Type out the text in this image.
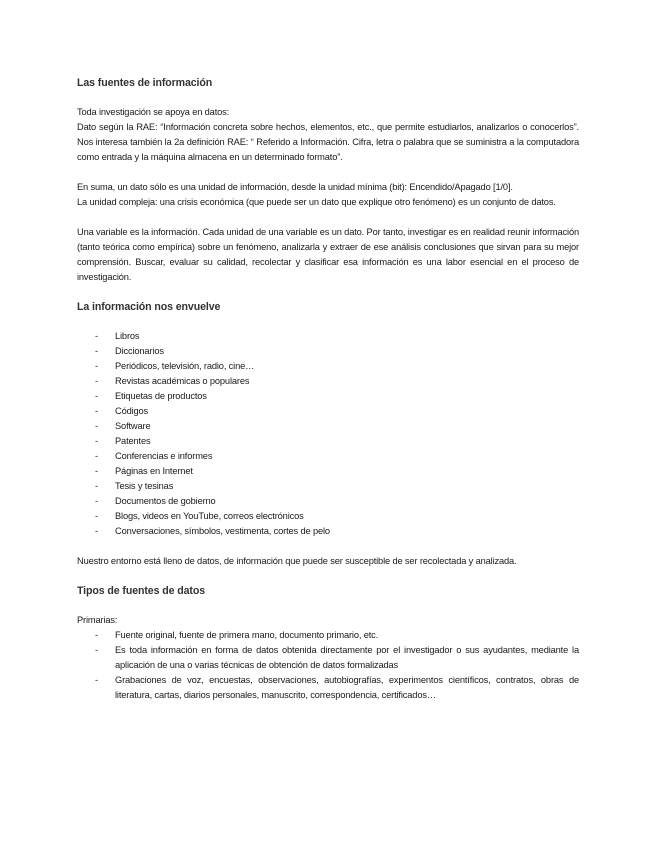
Las fuentes de información

Toda investigación se apoya en datos:

Dato según la RAE: “Información concreta sobre hechos, elementos, etc., que permite estudiarlos, analizarlos o conocerlos”. Nos interesa también la 2a definición RAE: “ Referido a Información. Cifra, letra o palabra que se suministra a la computadora como entrada y la máquina almacena en un determinado formato”.

En suma, un dato sólo es una unidad de información, desde la unidad mínima (bit): Encendido/Apagado [1/0].

La unidad compleja: una crisis económica (que puede ser un dato que explique otro fenómeno) es un conjunto de datos.

Una variable es la información. Cada unidad de una variable es un dato. Por tanto, investigar es en realidad reunir información (tanto teórica como empírica) sobre un fenómeno, analizarla y extraer de ese análisis conclusiones que sirvan para su mejor comprensión. Buscar, evaluar su calidad, recolectar y clasificar esa información es una labor esencial en el proceso de investigación.

La información nos envuelve
- Libros
- Diccionarios
- Periódicos, televisión, radio, cine…
- Revistas académicas o populares
- Etiquetas de productos
- Códigos
- Software
- Patentes
- Conferencias e informes
- Páginas en Internet
- Tesis y tesinas
- Documentos de gobierno
- Blogs, videos en YouTube, correos electrónicos
- Conversaciones, símbolos, vestimenta, cortes de pelo

Nuestro entorno está lleno de datos, de información que puede ser susceptible de ser recolectada y analizada.

Tipos de fuentes de datos

Primarias:

- Fuente original, fuente de primera mano, documento primario, etc.
- Es toda información en forma de datos obtenida directamente por el investigador o sus ayudantes, mediante la aplicación de una o varias técnicas de obtención de datos formalizadas
- Grabaciones de voz, encuestas, observaciones, autobiografías, experimentos científicos, contratos, obras de literatura, cartas, diarios personales, manuscrito, correspondencia, certificados…
